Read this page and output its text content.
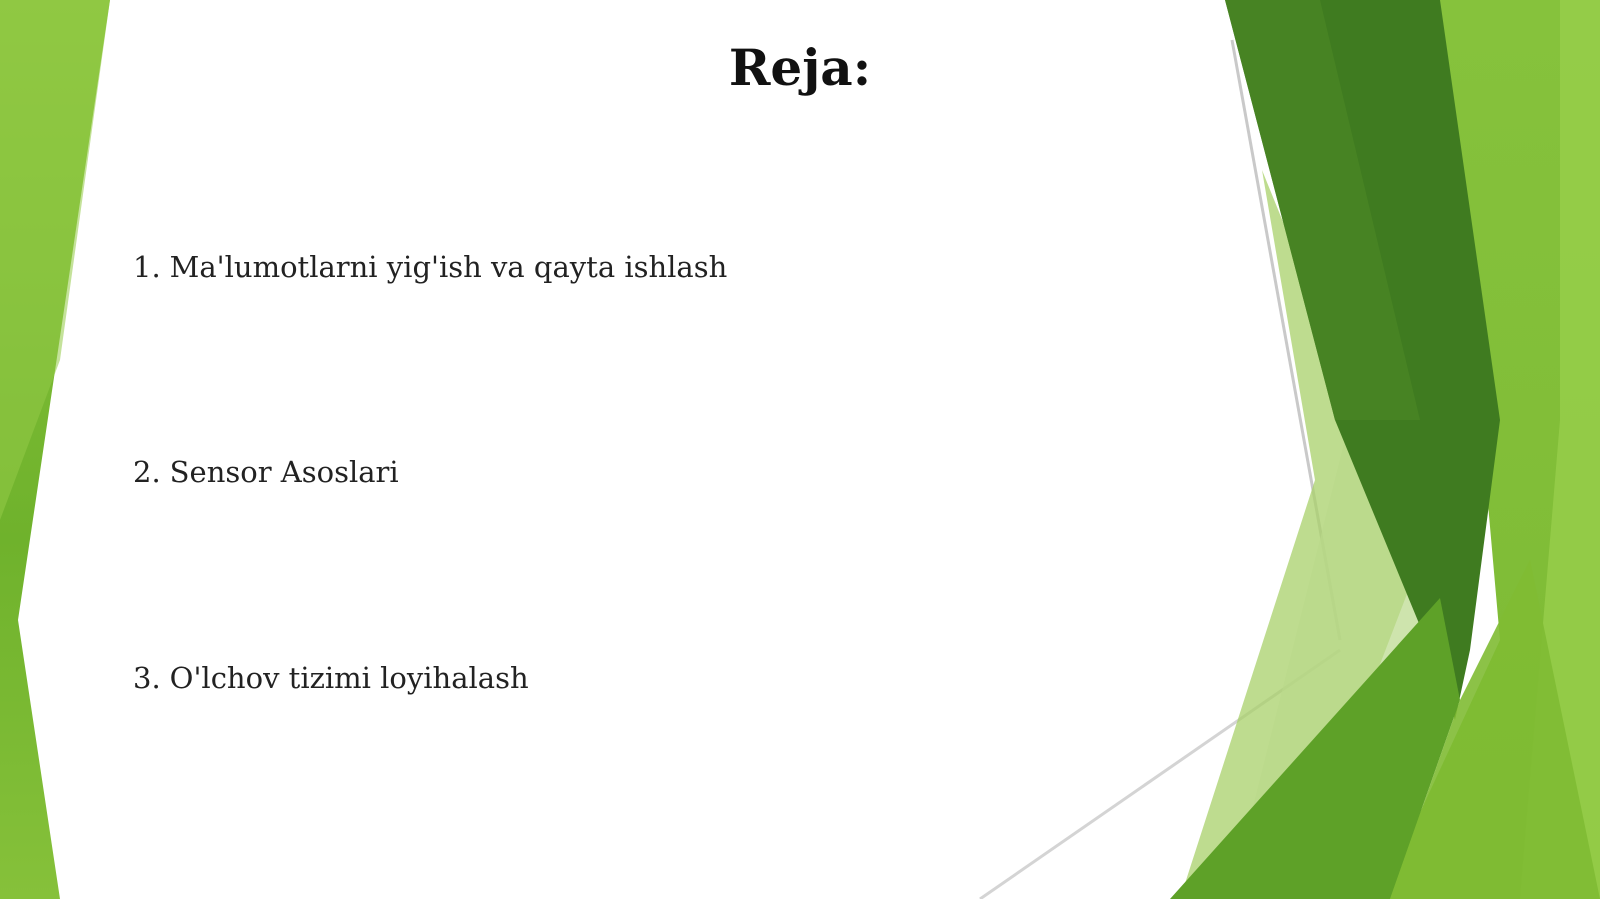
Reja:
1. Ma'lumotlarni yig'ish va qayta ishlash
2. Sensor Asoslari
3. O'lchov tizimi loyihalash
